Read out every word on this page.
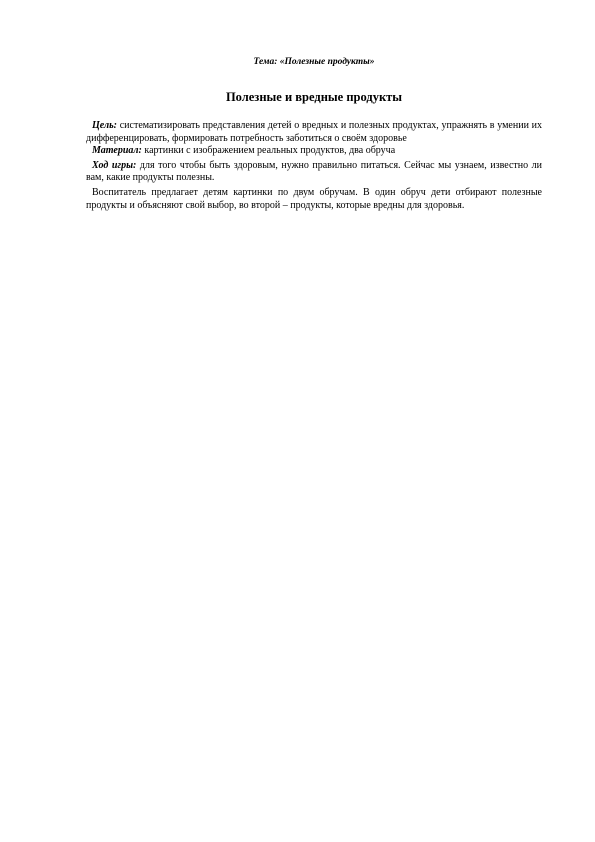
Тема: «Полезные продукты»

Полезные и вредные продукты

Цель: систематизировать представления детей о вредных и полезных продуктах, упражнять в умении их дифференцировать, формировать потребность заботиться о своём здоровье

Материал: картинки с изображением реальных продуктов, два обруча

Ход игры: для того чтобы быть здоровым, нужно правильно питаться. Сейчас мы узнаем, известно ли вам, какие продукты полезны.

Воспитатель предлагает детям картинки по двум обручам. В один обруч дети отбирают полезные продукты и объясняют свой выбор, во второй – продукты, которые вредны для здоровья.
